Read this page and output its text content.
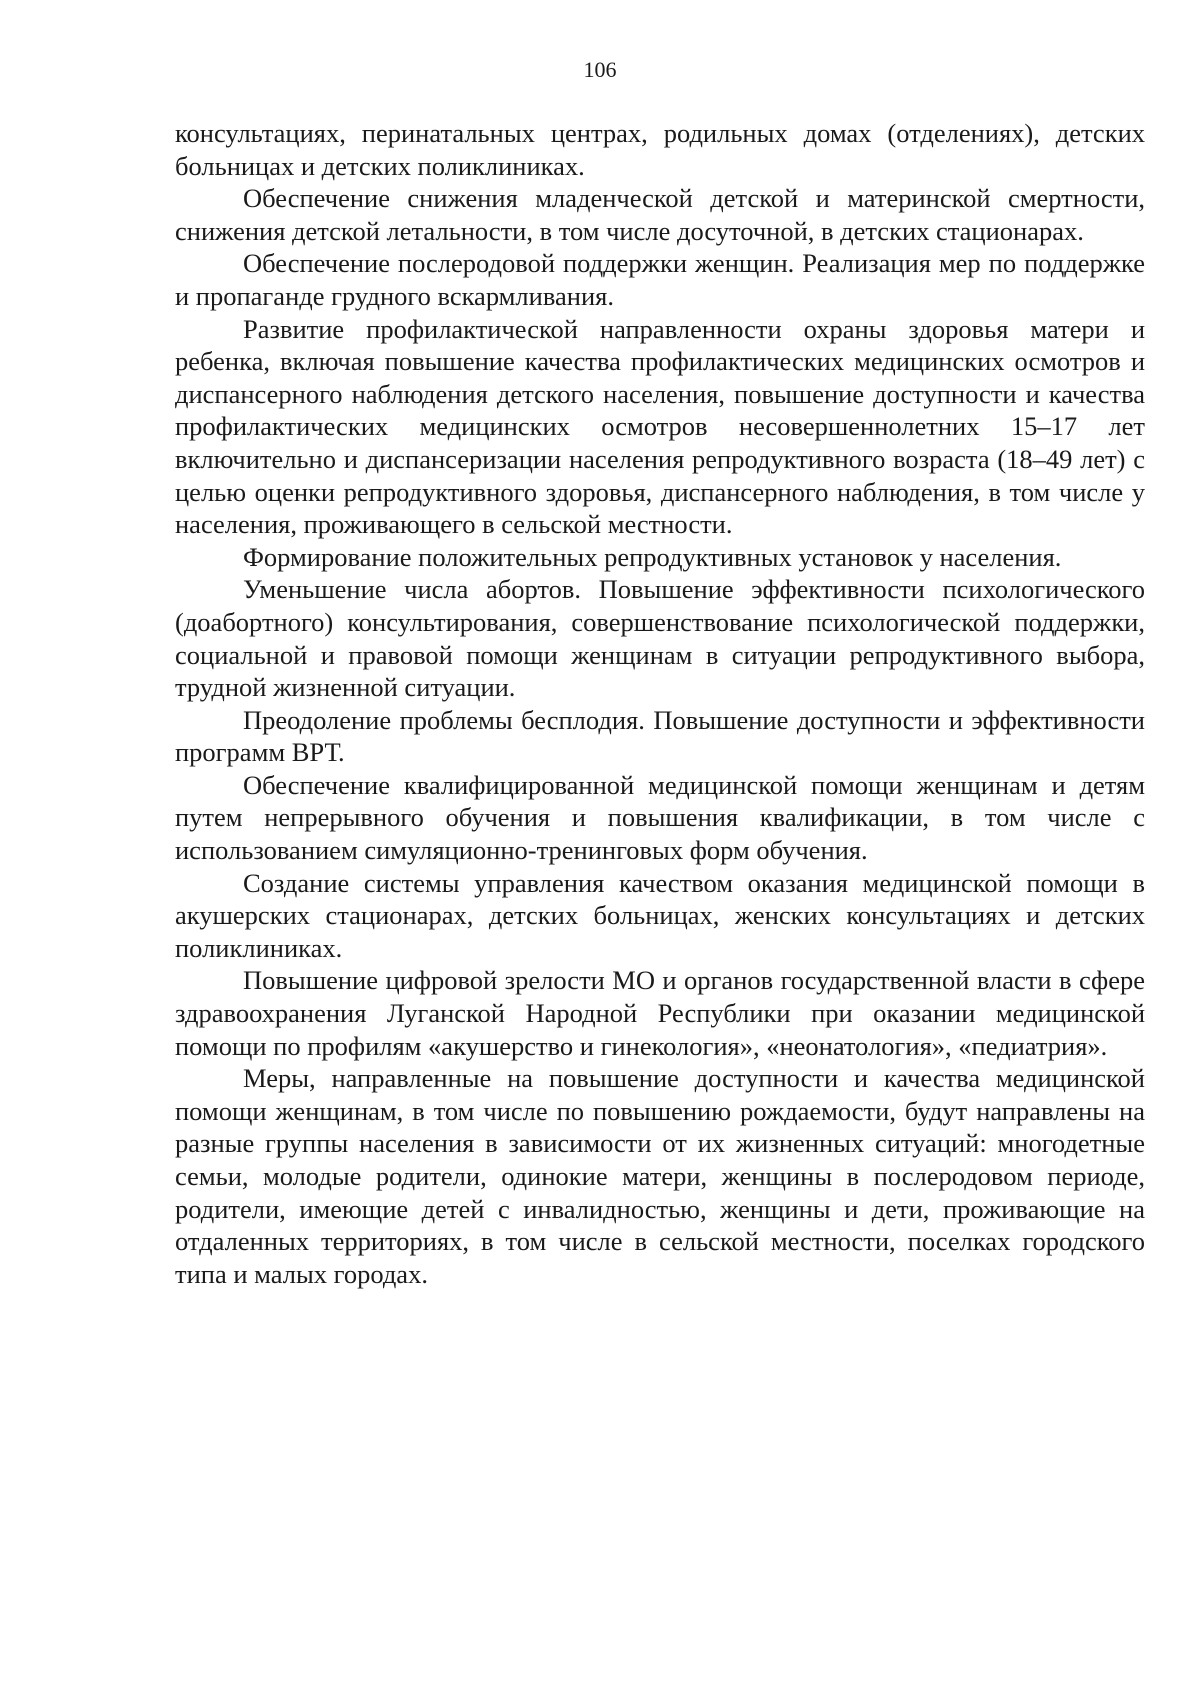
106

консультациях, перинатальных центрах, родильных домах (отделениях), детских больницах и детских поликлиниках.

Обеспечение снижения младенческой детской и материнской смертности, снижения детской летальности, в том числе досуточной, в детских стационарах.

Обеспечение послеродовой поддержки женщин. Реализация мер по поддержке и пропаганде грудного вскармливания.

Развитие профилактической направленности охраны здоровья матери и ребенка, включая повышение качества профилактических медицинских осмотров и диспансерного наблюдения детского населения, повышение доступности и качества профилактических медицинских осмотров несовершеннолетних 15–17 лет включительно и диспансеризации населения репродуктивного возраста (18–49 лет) с целью оценки репродуктивного здоровья, диспансерного наблюдения, в том числе у населения, проживающего в сельской местности.

Формирование положительных репродуктивных установок у населения.

Уменьшение числа абортов. Повышение эффективности психологического (доабортного) консультирования, совершенствование психологической поддержки, социальной и правовой помощи женщинам в ситуации репродуктивного выбора, трудной жизненной ситуации.

Преодоление проблемы бесплодия. Повышение доступности и эффективности программ ВРТ.

Обеспечение квалифицированной медицинской помощи женщинам и детям путем непрерывного обучения и повышения квалификации, в том числе с использованием симуляционно-тренинговых форм обучения.

Создание системы управления качеством оказания медицинской помощи в акушерских стационарах, детских больницах, женских консультациях и детских поликлиниках.

Повышение цифровой зрелости МО и органов государственной власти в сфере здравоохранения Луганской Народной Республики при оказании медицинской помощи по профилям «акушерство и гинекология», «неонатология», «педиатрия».

Меры, направленные на повышение доступности и качества медицинской помощи женщинам, в том числе по повышению рождаемости, будут направлены на разные группы населения в зависимости от их жизненных ситуаций: многодетные семьи, молодые родители, одинокие матери, женщины в послеродовом периоде, родители, имеющие детей с инвалидностью, женщины и дети, проживающие на отдаленных территориях, в том числе в сельской местности, поселках городского типа и малых городах.
